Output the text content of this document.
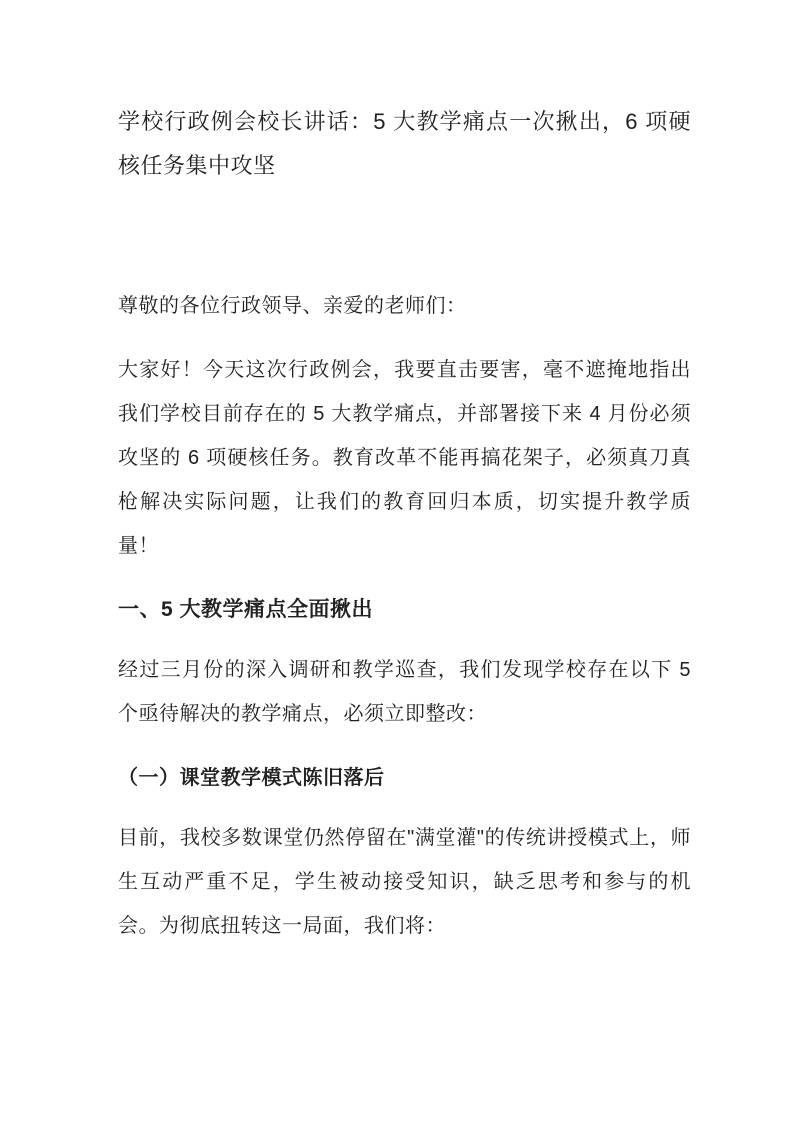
学校行政例会校长讲话：5 大教学痛点一次揪出，6 项硬核任务集中攻坚

尊敬的各位行政领导、亲爱的老师们：

大家好！今天这次行政例会，我要直击要害，毫不遮掩地指出我们学校目前存在的 5 大教学痛点，并部署接下来 4 月份必须攻坚的 6 项硬核任务。教育改革不能再搞花架子，必须真刀真枪解决实际问题，让我们的教育回归本质，切实提升教学质量！

一、5 大教学痛点全面揪出

经过三月份的深入调研和教学巡查，我们发现学校存在以下 5 个亟待解决的教学痛点，必须立即整改：

（一）课堂教学模式陈旧落后

目前，我校多数课堂仍然停留在"满堂灌"的传统讲授模式上，师生互动严重不足，学生被动接受知识，缺乏思考和参与的机会。为彻底扭转这一局面，我们将：
